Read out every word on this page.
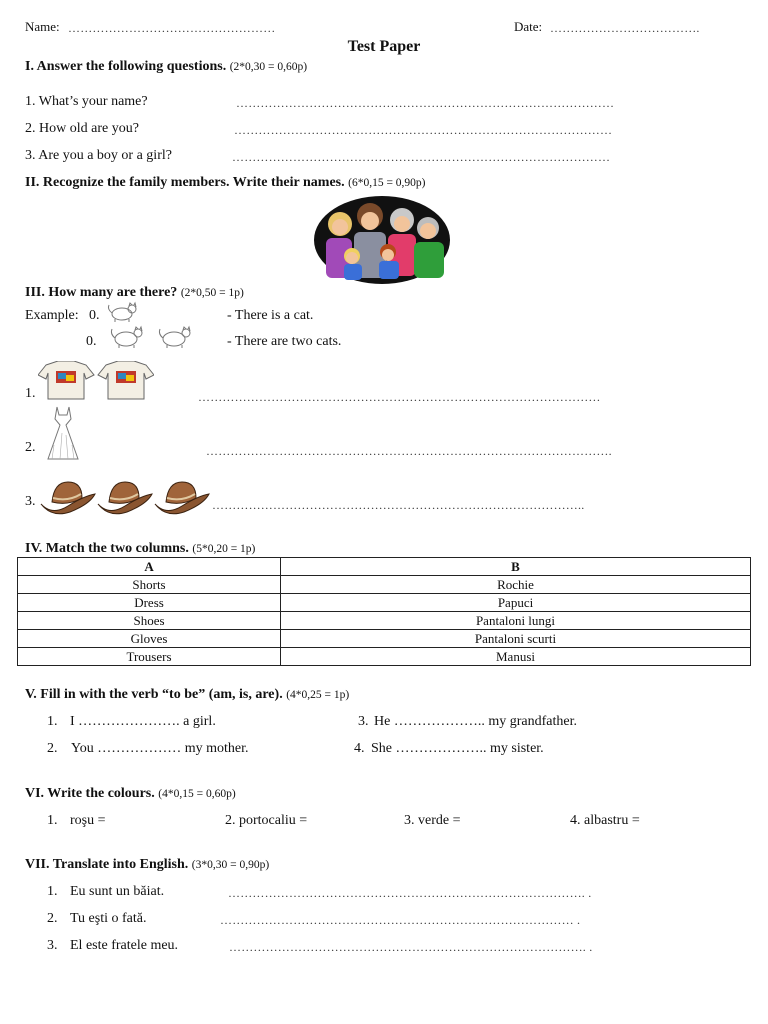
Name: ……………………………………………	Date: ……………………………….
Test Paper
I. Answer the following questions. (2*0,30 = 0,60p)
1. What’s your name?	…………………………………………………………………………………
2. How old are you?	…………………………………………………………………………………
3. Are you a boy or a girl?	…………………………………………………………………………………
II. Recognize the family members. Write their names. (6*0,15 = 0,90p)
III. How many are there? (2*0,50 = 1p)
Example: 0.	- There is a cat.
0.	- There are two cats.
1.	………………………………………………………………………………………
2.	……………………………………………………………………………………….
3.	………………………………………………………………………………..
IV. Match the two columns. (5*0,20 = 1p)
A	B
Shorts	Rochie
Dress	Papuci
Shoes	Pantaloni lungi
Gloves	Pantaloni scurti
Trousers	Manusi
V. Fill in with the verb “to be” (am, is, are). (4*0,25 = 1p)
1. I …………………. a girl.	3. He ……………….. my grandfather.
2. You ……………… my mother.	4. She ……………….. my sister.
VI. Write the colours. (4*0,15 = 0,60p)
1. roşu =	2. portocaliu =	3. verde =	4. albastru =
VII. Translate into English. (3*0,30 = 0,90p)
1. Eu sunt un băiat.	……………………………………………………………………………. .
2. Tu eşti o fată.	…………………………………………………………………………… .
3. El este fratele meu.	……………………………………………………………………………. .
